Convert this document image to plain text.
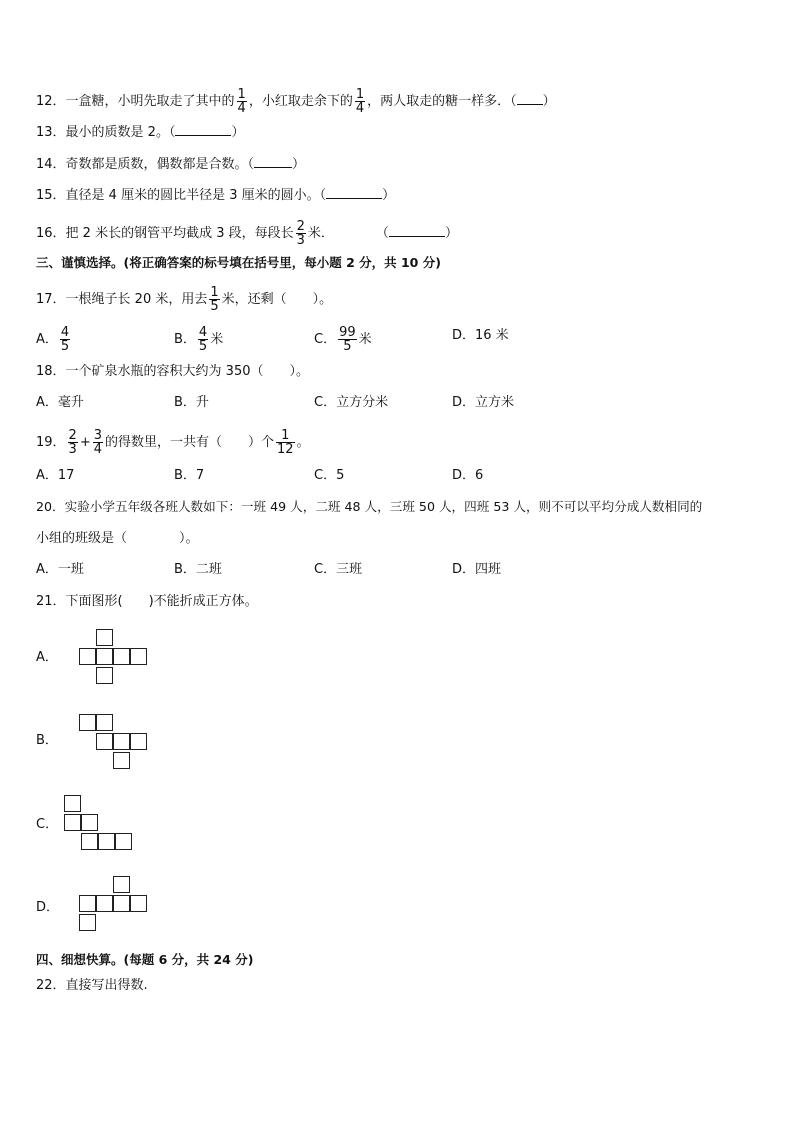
12．一盒糖，小明先取走了其中的 $\frac{1}{4}$ ，小红取走余下的 $\frac{1}{4}$ ，两人取走的糖一样多．（ ）
13．最小的质数是 2。（	）
14．奇数都是质数，偶数都是合数。（	）
15．直径是 4 厘米的圆比半径是 3 厘米的圆小。（	）
16．把 2 米长的钢管平均截成 3 段，每段长 $\frac{2}{3}$ 米．	（	）
三、谨慎选择。(将正确答案的标号填在括号里，每小题 2 分，共 10 分)
17．一根绳子长 20 米，用去 $\frac{1}{5}$ 米，还剩（　　）。
A． $\frac{4}{5}$	B． $\frac{4}{5}$ 米	C． $\frac{99}{5}$ 米	D．16 米
18．一个矿泉水瓶的容积大约为 350（　　）。
A．毫升	B．升	C．立方分米	D．立方米
19． $\frac{2}{3} + \frac{3}{4}$ 的得数里，一共有（　　）个 $\frac{1}{12}$ 。
A．17	B．7	C．5	D．6
20．实验小学五年级各班人数如下：一班 49 人，二班 48 人，三班 50 人，四班 53 人，则不可以平均分成人数相同的
小组的班级是（　　　　）。
A．一班	B．二班	C．三班	D．四班
21．下面图形(　　)不能折成正方体。
A．
B．
C．
D．
四、细想快算。(每题 6 分，共 24 分)
22．直接写出得数.
